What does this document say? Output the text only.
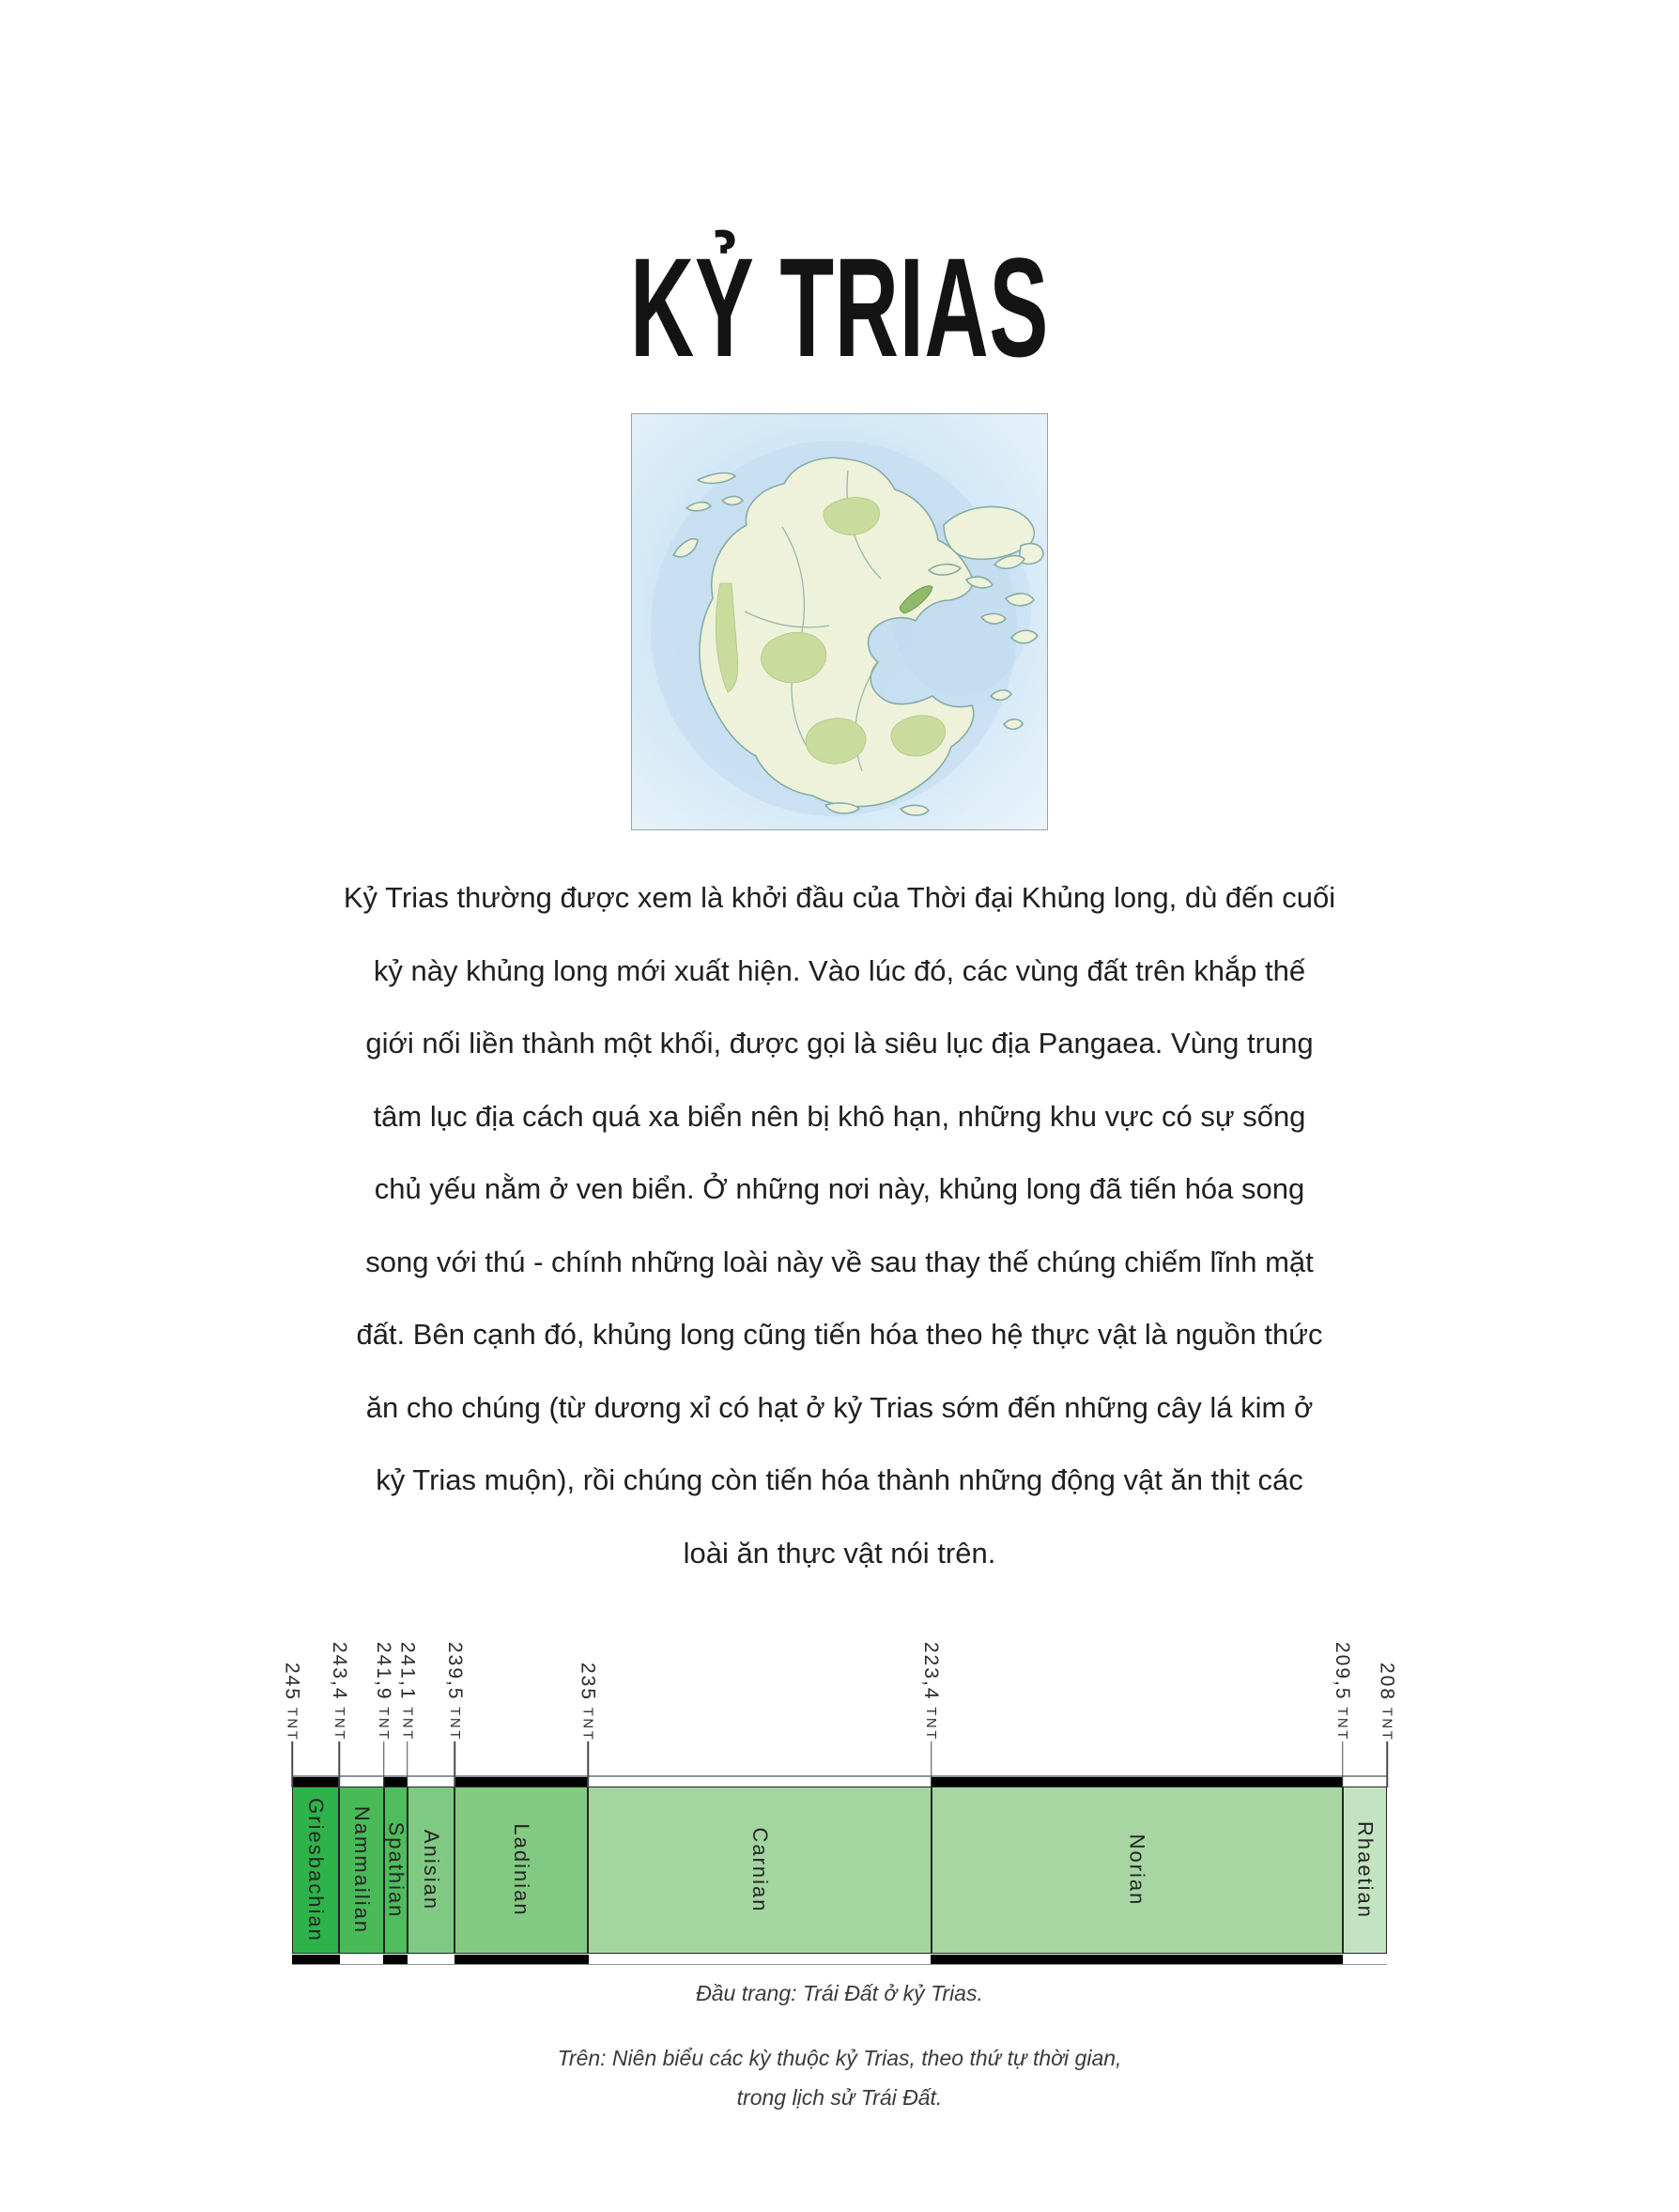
KỶ TRIAS
Kỷ Trias thường được xem là khởi đầu của Thời đại Khủng long, dù đến cuối
kỷ này khủng long mới xuất hiện. Vào lúc đó, các vùng đất trên khắp thế
giới nối liền thành một khối, được gọi là siêu lục địa Pangaea. Vùng trung
tâm lục địa cách quá xa biển nên bị khô hạn, những khu vực có sự sống
chủ yếu nằm ở ven biển. Ở những nơi này, khủng long đã tiến hóa song
song với thú - chính những loài này về sau thay thế chúng chiếm lĩnh mặt
đất. Bên cạnh đó, khủng long cũng tiến hóa theo hệ thực vật là nguồn thức
ăn cho chúng (từ dương xỉ có hạt ở kỷ Trias sớm đến những cây lá kim ở
kỷ Trias muộn), rồi chúng còn tiến hóa thành những động vật ăn thịt các
loài ăn thực vật nói trên.
245 TNT
243,4 TNT
241,9 TNT
241,1 TNT
239,5 TNT
235 TNT
223,4 TNT
209,5 TNT
208 TNT
Griesbachian Nammailian Spathian Anisian	Ladinian	Carnian	Norian	Rhaetian
Đầu trang: Trái Đất ở kỷ Trias.
Trên: Niên biểu các kỳ thuộc kỷ Trias, theo thứ tự thời gian,
trong lịch sử Trái Đất.
